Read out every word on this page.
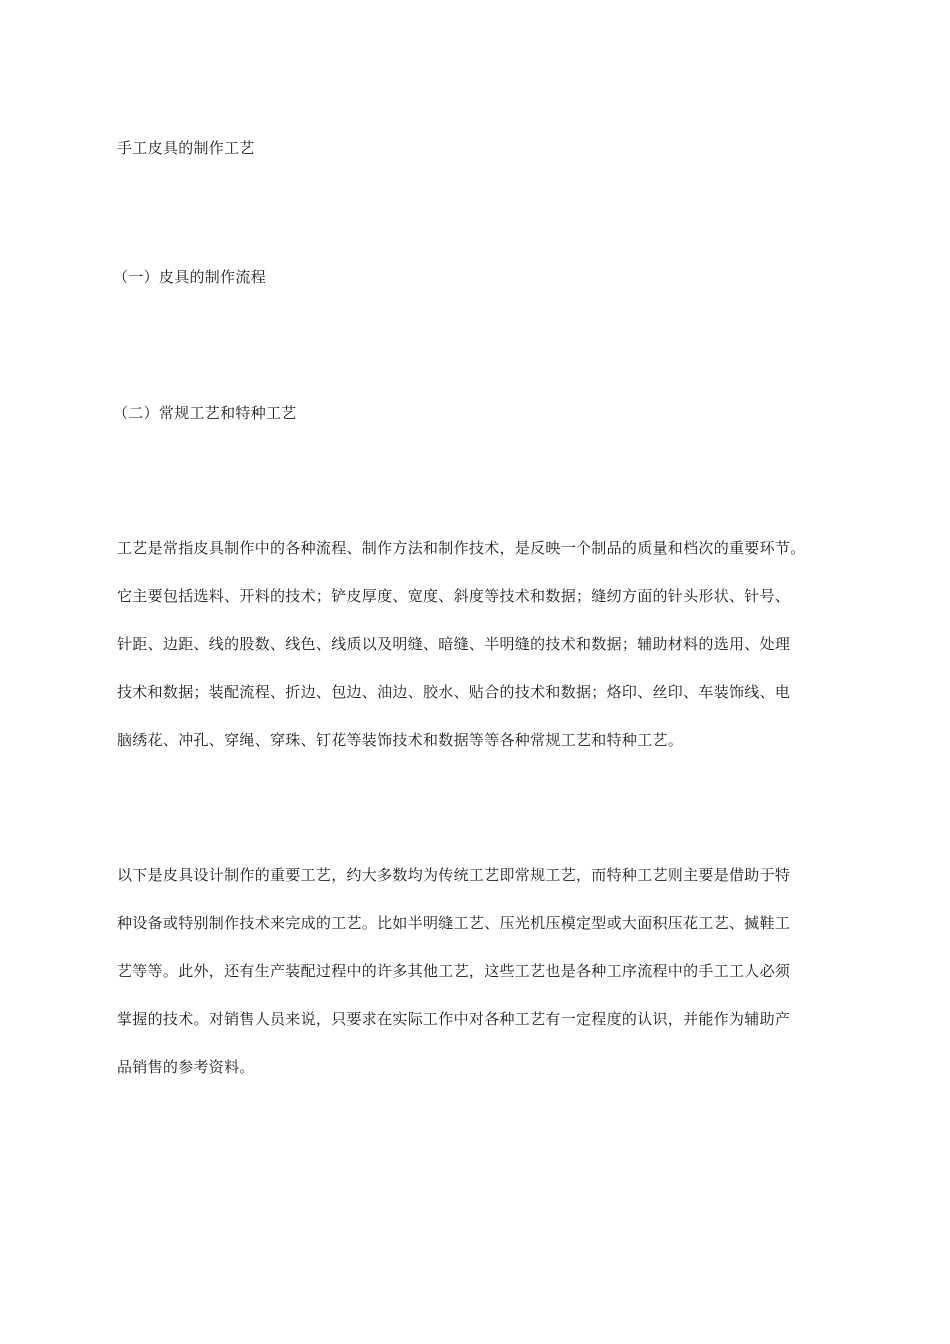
手工皮具的制作工艺
（一）皮具的制作流程
（二）常规工艺和特种工艺
工艺是常指皮具制作中的各种流程、制作方法和制作技术，是反映一个制品的质量和档次的重要环节。
它主要包括选料、开料的技术；铲皮厚度、宽度、斜度等技术和数据；缝纫方面的针头形状、针号、
针距、边距、线的股数、线色、线质以及明缝、暗缝、半明缝的技术和数据；辅助材料的选用、处理
技术和数据；装配流程、折边、包边、油边、胶水、贴合的技术和数据；烙印、丝印、车装饰线、电
脑绣花、冲孔、穿绳、穿珠、钉花等装饰技术和数据等等各种常规工艺和特种工艺。
以下是皮具设计制作的重要工艺，约大多数均为传统工艺即常规工艺，而特种工艺则主要是借助于特
种设备或特别制作技术来完成的工艺。比如半明缝工艺、压光机压模定型或大面积压花工艺、揻鞋工
艺等等。此外，还有生产装配过程中的许多其他工艺，这些工艺也是各种工序流程中的手工工人必须
掌握的技术。对销售人员来说，只要求在实际工作中对各种工艺有一定程度的认识，并能作为辅助产
品销售的参考资料。
